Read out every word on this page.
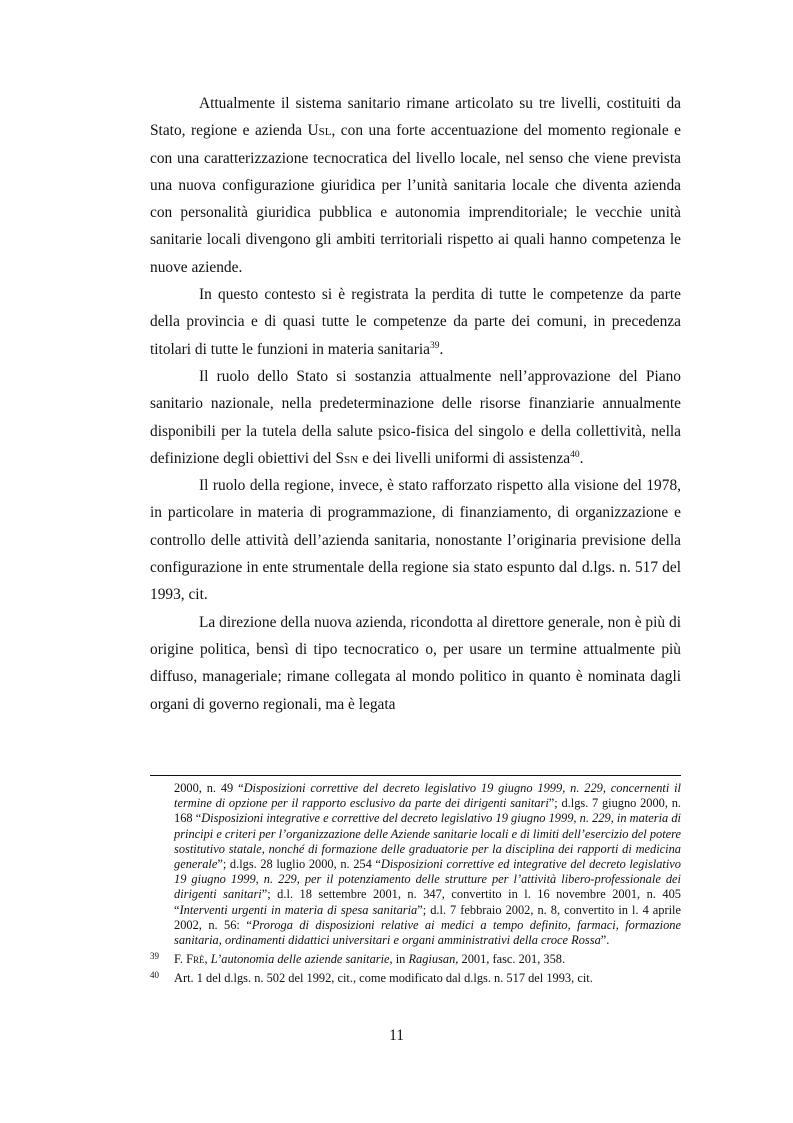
Attualmente il sistema sanitario rimane articolato su tre livelli, costituiti da Stato, regione e azienda Usl, con una forte accentuazione del momento regionale e con una caratterizzazione tecnocratica del livello locale, nel senso che viene prevista una nuova configurazione giuridica per l’unità sanitaria locale che diventa azienda con personalità giuridica pubblica e autonomia imprenditoriale; le vecchie unità sanitarie locali divengono gli ambiti territoriali rispetto ai quali hanno competenza le nuove aziende.

In questo contesto si è registrata la perdita di tutte le competenze da parte della provincia e di quasi tutte le competenze da parte dei comuni, in precedenza titolari di tutte le funzioni in materia sanitaria$^{39}$.

Il ruolo dello Stato si sostanzia attualmente nell’approvazione del Piano sanitario nazionale, nella predeterminazione delle risorse finanziarie annualmente disponibili per la tutela della salute psico-fisica del singolo e della collettività, nella definizione degli obiettivi del Ssn e dei livelli uniformi di assistenza$^{40}$.

Il ruolo della regione, invece, è stato rafforzato rispetto alla visione del 1978, in particolare in materia di programmazione, di finanziamento, di organizzazione e controllo delle attività dell’azienda sanitaria, nonostante l’originaria previsione della configurazione in ente strumentale della regione sia stato espunto dal d.lgs. n. 517 del 1993, cit.

La direzione della nuova azienda, ricondotta al direttore generale, non è più di origine politica, bensì di tipo tecnocratico o, per usare un termine attualmente più diffuso, manageriale; rimane collegata al mondo politico in quanto è nominata dagli organi di governo regionali, ma è legata

2000, n. 49 “Disposizioni correttive del decreto legislativo 19 giugno 1999, n. 229, concernenti il termine di opzione per il rapporto esclusivo da parte dei dirigenti sanitari”; d.lgs. 7 giugno 2000, n. 168 “Disposizioni integrative e correttive del decreto legislativo 19 giugno 1999, n. 229, in materia di principi e criteri per l’organizzazione delle Aziende sanitarie locali e di limiti dell’esercizio del potere sostitutivo statale, nonché di formazione delle graduatorie per la disciplina dei rapporti di medicina generale”; d.lgs. 28 luglio 2000, n. 254 “Disposizioni correttive ed integrative del decreto legislativo 19 giugno 1999, n. 229, per il potenziamento delle strutture per l’attività libero-professionale dei dirigenti sanitari”; d.l. 18 settembre 2001, n. 347, convertito in l. 16 novembre 2001, n. 405 “Interventi urgenti in materia di spesa sanitaria”; d.l. 7 febbraio 2002, n. 8, convertito in l. 4 aprile 2002, n. 56: “Proroga di disposizioni relative ai medici a tempo definito, farmaci, formazione sanitaria, ordinamenti didattici universitari e organi amministrativi della croce Rossa”.
39 F. Frè, L’autonomia delle aziende sanitarie, in Ragiusan, 2001, fasc. 201, 358.
40 Art. 1 del d.lgs. n. 502 del 1992, cit., come modificato dal d.lgs. n. 517 del 1993, cit.
11
